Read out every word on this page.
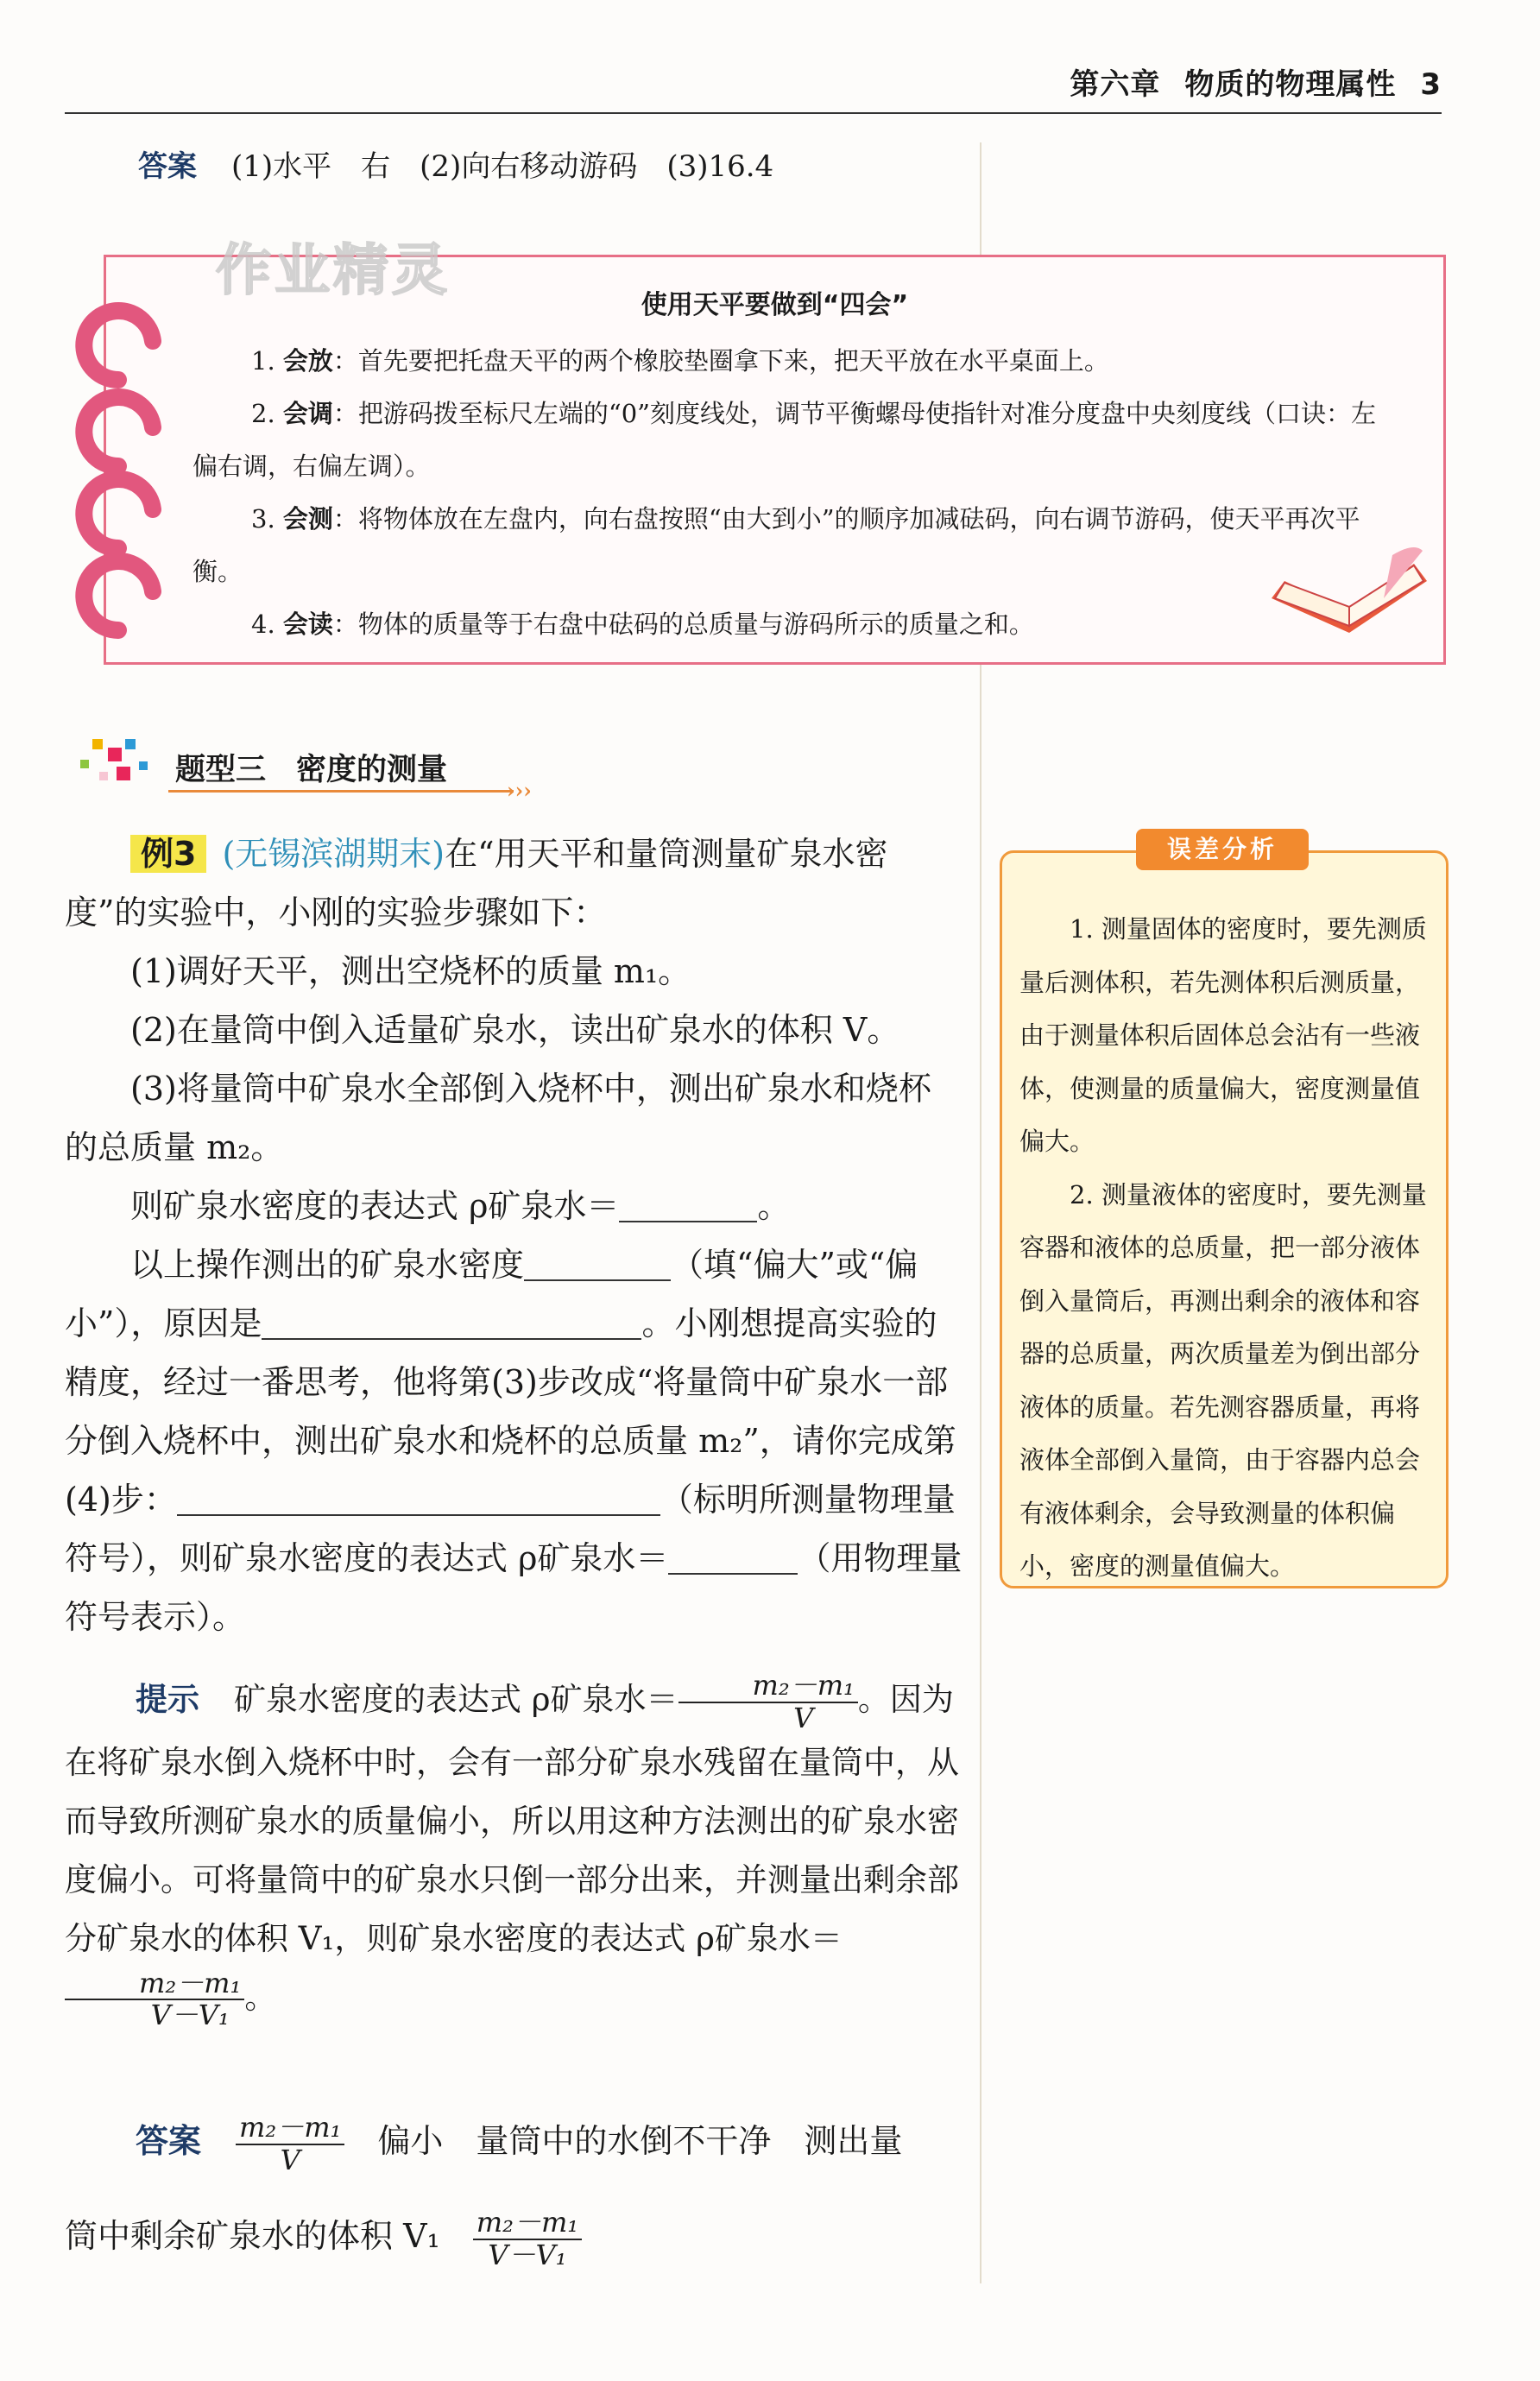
第六章 物质的物理属性 3
答案 (1)水平　右　(2)向右移动游码　(3)16.4
使用天平要做到“四会”

1. 会放：首先要把托盘天平的两个橡胶垫圈拿下来，把天平放在水平桌面上。

2. 会调：把游码拨至标尺左端的“0”刻度线处，调节平衡螺母使指针对准分度盘中央刻度线（口诀：左偏右调，右偏左调）。

3. 会测：将物体放在左盘内，向右盘按照“由大到小”的顺序加减砝码，向右调节游码，使天平再次平衡。

4. 会读：物体的质量等于右盘中砝码的总质量与游码所示的质量之和。

作业精灵
题型三　密度的测量
›››

例3 (无锡滨湖期末)在“用天平和量筒测量矿泉水密度”的实验中，小刚的实验步骤如下：

(1)调好天平，测出空烧杯的质量 m₁。

(2)在量筒中倒入适量矿泉水，读出矿泉水的体积 V。

(3)将量筒中矿泉水全部倒入烧杯中，测出矿泉水和烧杯的总质量 m₂。

则矿泉水密度的表达式 ρ矿泉水＝	。

以上操作测出的矿泉水密度	（填“偏大”或“偏小”），原因是	。小刚想提高实验的精度，经过一番思考，他将第(3)步改成“将量筒中矿泉水一部分倒入烧杯中，测出矿泉水和烧杯的总质量 m₂”，请你完成第(4)步：	（标明所测量物理量符号），则矿泉水密度的表达式 ρ矿泉水＝	（用物理量符号表示）。

误差分析

1. 测量固体的密度时，要先测质量后测体积，若先测体积后测质量，由于测量体积后固体总会沾有一些液体，使测量的质量偏大，密度测量值偏大。

2. 测量液体的密度时，要先测量容器和液体的总质量，把一部分液体倒入量筒后，再测出剩余的液体和容器的总质量，两次质量差为倒出部分液体的质量。若先测容器质量，再将液体全部倒入量筒，由于容器内总会有液体剩余，会导致测量的体积偏小，密度的测量值偏大。

提示 矿泉水密度的表达式 ρ矿泉水＝ $\frac{\text{m₂－m₁}}{V}$ 。因为在将矿泉水倒入烧杯中时，会有一部分矿泉水残留在量筒中，从而导致所测矿泉水的质量偏小，所以用这种方法测出的矿泉水密度偏小。可将量筒中的矿泉水只倒一部分出来，并测量出剩余部分矿泉水的体积 V₁，则矿泉水密度的表达式 ρ矿泉水＝
$\frac{\text{m₂－m₁}}{\text{V－V₁}}$ 。

答案 $\frac{\text{m₂－m₁}}{V}$
　 偏小　量筒中的水倒不干净　测出量
筒中剩余矿泉水的体积 V₁　 $\frac{\text{m₂－m₁}}{\text{V－V₁}}$
